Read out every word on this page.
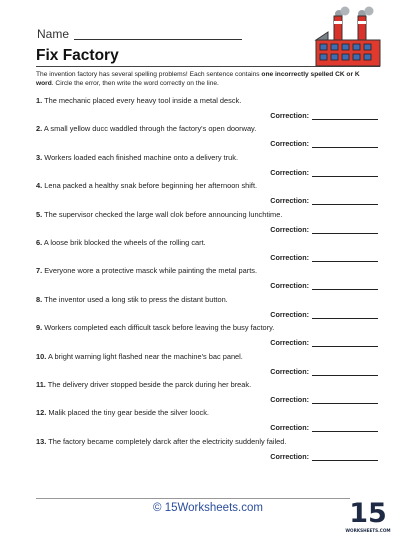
Name
Fix Factory
The invention factory has several spelling problems! Each sentence contains one incorrectly spelled CK or K word. Circle the error, then write the word correctly on the line.
1. The mechanic placed every heavy tool inside a metal desck.
Correction:
2. A small yellow ducc waddled through the factory's open doorway.
Correction:
3. Workers loaded each finished machine onto a delivery truk.
Correction:
4. Lena packed a healthy snak before beginning her afternoon shift.
Correction:
5. The supervisor checked the large wall clok before announcing lunchtime.
Correction:
6. A loose brik blocked the wheels of the rolling cart.
Correction:
7. Everyone wore a protective masck while painting the metal parts.
Correction:
8. The inventor used a long stik to press the distant button.
Correction:
9. Workers completed each difficult tasck before leaving the busy factory.
Correction:
10. A bright warning light flashed near the machine's bac panel.
Correction:
11. The delivery driver stopped beside the parck during her break.
Correction:
12. Malik placed the tiny gear beside the silver loock.
Correction:
13. The factory became completely darck after the electricity suddenly failed.
Correction:
© 15Worksheets.com	15
WORKSHEETS.COM
